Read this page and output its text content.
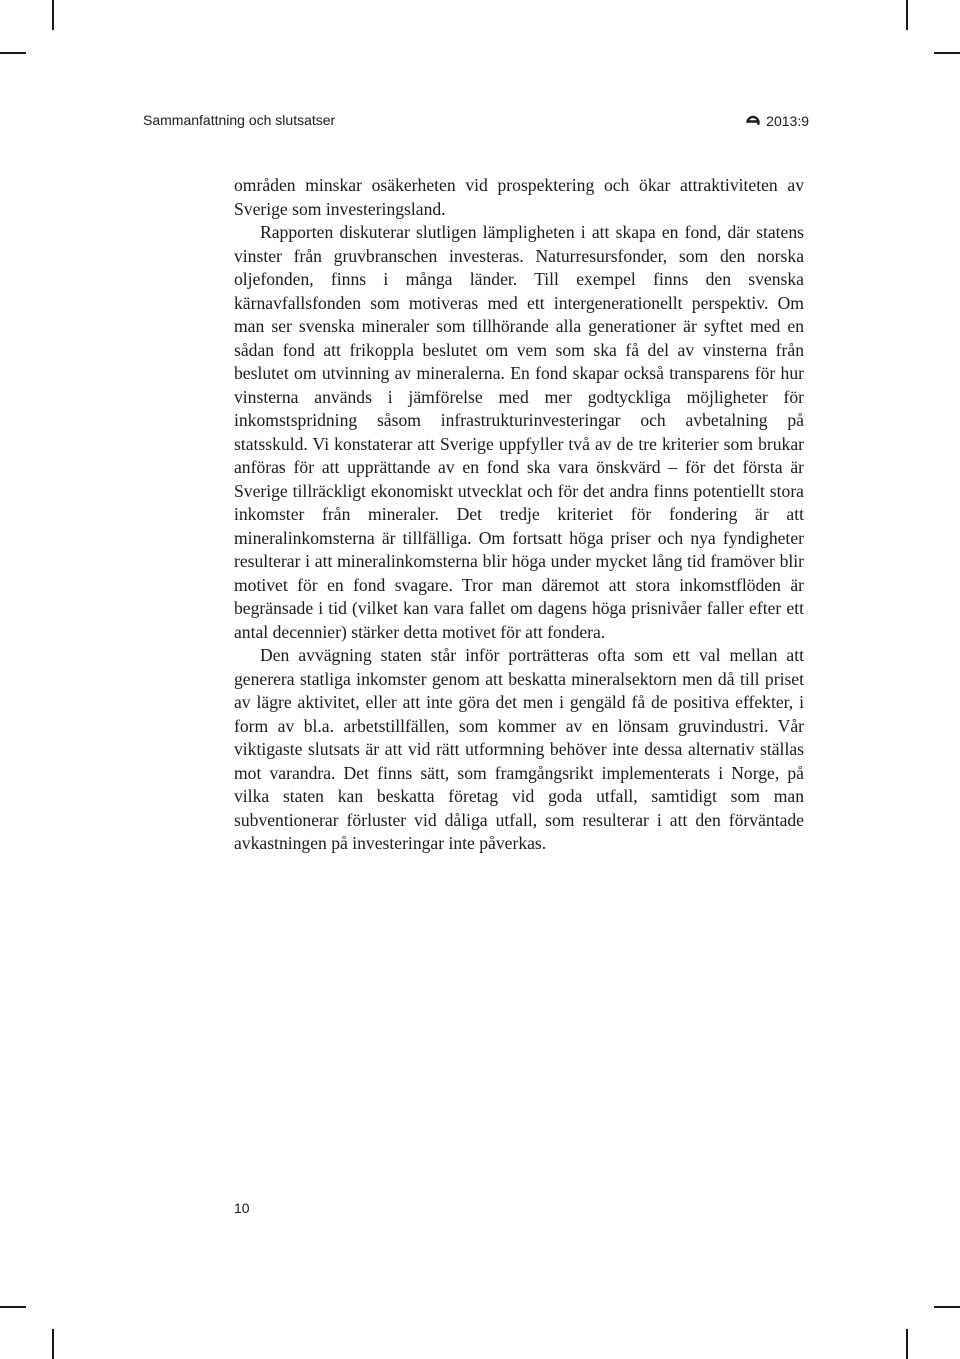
Sammanfattning och slutsatser	2013:9

områden minskar osäkerheten vid prospektering och ökar attraktiviteten av Sverige som investeringsland.

Rapporten diskuterar slutligen lämpligheten i att skapa en fond, där statens vinster från gruvbranschen investeras. Naturresursfonder, som den norska oljefonden, finns i många länder. Till exempel finns den svenska kärnavfallsfonden som motiveras med ett intergenerationellt perspektiv. Om man ser svenska mineraler som tillhörande alla generationer är syftet med en sådan fond att frikoppla beslutet om vem som ska få del av vinsterna från beslutet om utvinning av mineralerna. En fond skapar också transparens för hur vinsterna används i jämförelse med mer godtyckliga möjligheter för inkomstspridning såsom infrastrukturinvesteringar och avbetalning på statsskuld. Vi konstaterar att Sverige uppfyller två av de tre kriterier som brukar anföras för att upprättande av en fond ska vara önskvärd – för det första är Sverige tillräckligt ekonomiskt utvecklat och för det andra finns potentiellt stora inkomster från mineraler. Det tredje kriteriet för fondering är att mineralinkomsterna är tillfälliga. Om fortsatt höga priser och nya fyndigheter resulterar i att mineralinkomsterna blir höga under mycket lång tid framöver blir motivet för en fond svagare. Tror man däremot att stora inkomstflöden är begränsade i tid (vilket kan vara fallet om dagens höga prisnivåer faller efter ett antal decennier) stärker detta motivet för att fondera.

Den avvägning staten står inför porträtteras ofta som ett val mellan att generera statliga inkomster genom att beskatta mineralsektorn men då till priset av lägre aktivitet, eller att inte göra det men i gengäld få de positiva effekter, i form av bl.a. arbetstillfällen, som kommer av en lönsam gruvindustri. Vår viktigaste slutsats är att vid rätt utformning behöver inte dessa alternativ ställas mot varandra. Det finns sätt, som framgångsrikt implementerats i Norge, på vilka staten kan beskatta företag vid goda utfall, samtidigt som man subventionerar förluster vid dåliga utfall, som resulterar i att den förväntade avkastningen på investeringar inte påverkas.

10
